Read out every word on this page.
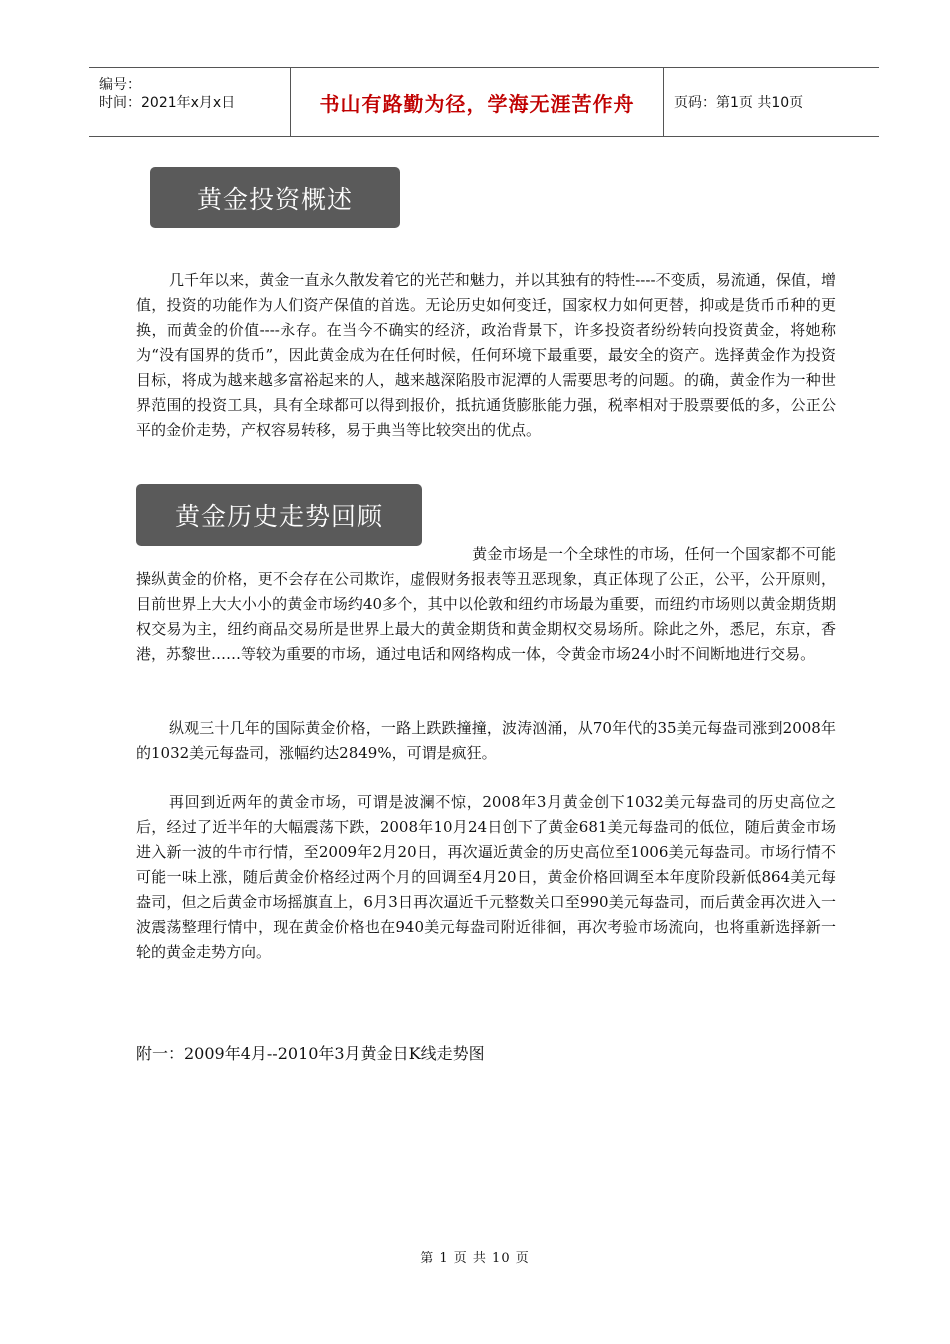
编号：
时间：2021年x月x日	书山有路勤为径，学海无涯苦作舟	页码：第1页 共10页
黄金投资概述

几千年以来，黄金一直永久散发着它的光芒和魅力，并以其独有的特性----不变质，易流通，保值，增值，投资的功能作为人们资产保值的首选。无论历史如何变迁，国家权力如何更替，抑或是货币币种的更换，而黄金的价值----永存。在当今不确实的经济，政治背景下，许多投资者纷纷转向投资黄金，将她称为“没有国界的货币”，因此黄金成为在任何时候，任何环境下最重要，最安全的资产。选择黄金作为投资目标，将成为越来越多富裕起来的人，越来越深陷股市泥潭的人需要思考的问题。的确，黄金作为一种世界范围的投资工具，具有全球都可以得到报价，抵抗通货膨胀能力强，税率相对于股票要低的多，公正公平的金价走势，产权容易转移，易于典当等比较突出的优点。

黄金历史走势回顾

黄金市场是一个全球性的市场，任何一个国家都不可能操纵黄金的价格，更不会存在公司欺诈，虚假财务报表等丑恶现象，真正体现了公正，公平，公开原则，目前世界上大大小小的黄金市场约40多个，其中以伦敦和纽约市场最为重要，而纽约市场则以黄金期货期权交易为主，纽约商品交易所是世界上最大的黄金期货和黄金期权交易场所。除此之外，悉尼，东京，香港，苏黎世……等较为重要的市场，通过电话和网络构成一体，令黄金市场24小时不间断地进行交易。

纵观三十几年的国际黄金价格，一路上跌跌撞撞，波涛汹涌，从70年代的35美元每盎司涨到2008年的1032美元每盎司，涨幅约达2849%，可谓是疯狂。

再回到近两年的黄金市场，可谓是波澜不惊，2008年3月黄金创下1032美元每盎司的历史高位之后，经过了近半年的大幅震荡下跌，2008年10月24日创下了黄金681美元每盎司的低位，随后黄金市场进入新一波的牛市行情，至2009年2月20日，再次逼近黄金的历史高位至1006美元每盎司。市场行情不可能一味上涨，随后黄金价格经过两个月的回调至4月20日，黄金价格回调至本年度阶段新低864美元每盎司，但之后黄金市场摇旗直上，6月3日再次逼近千元整数关口至990美元每盎司，而后黄金再次进入一波震荡整理行情中，现在黄金价格也在940美元每盎司附近徘徊，再次考验市场流向，也将重新选择新一轮的黄金走势方向。

附一：2009年4月--2010年3月黄金日K线走势图

第 1 页 共 10 页
